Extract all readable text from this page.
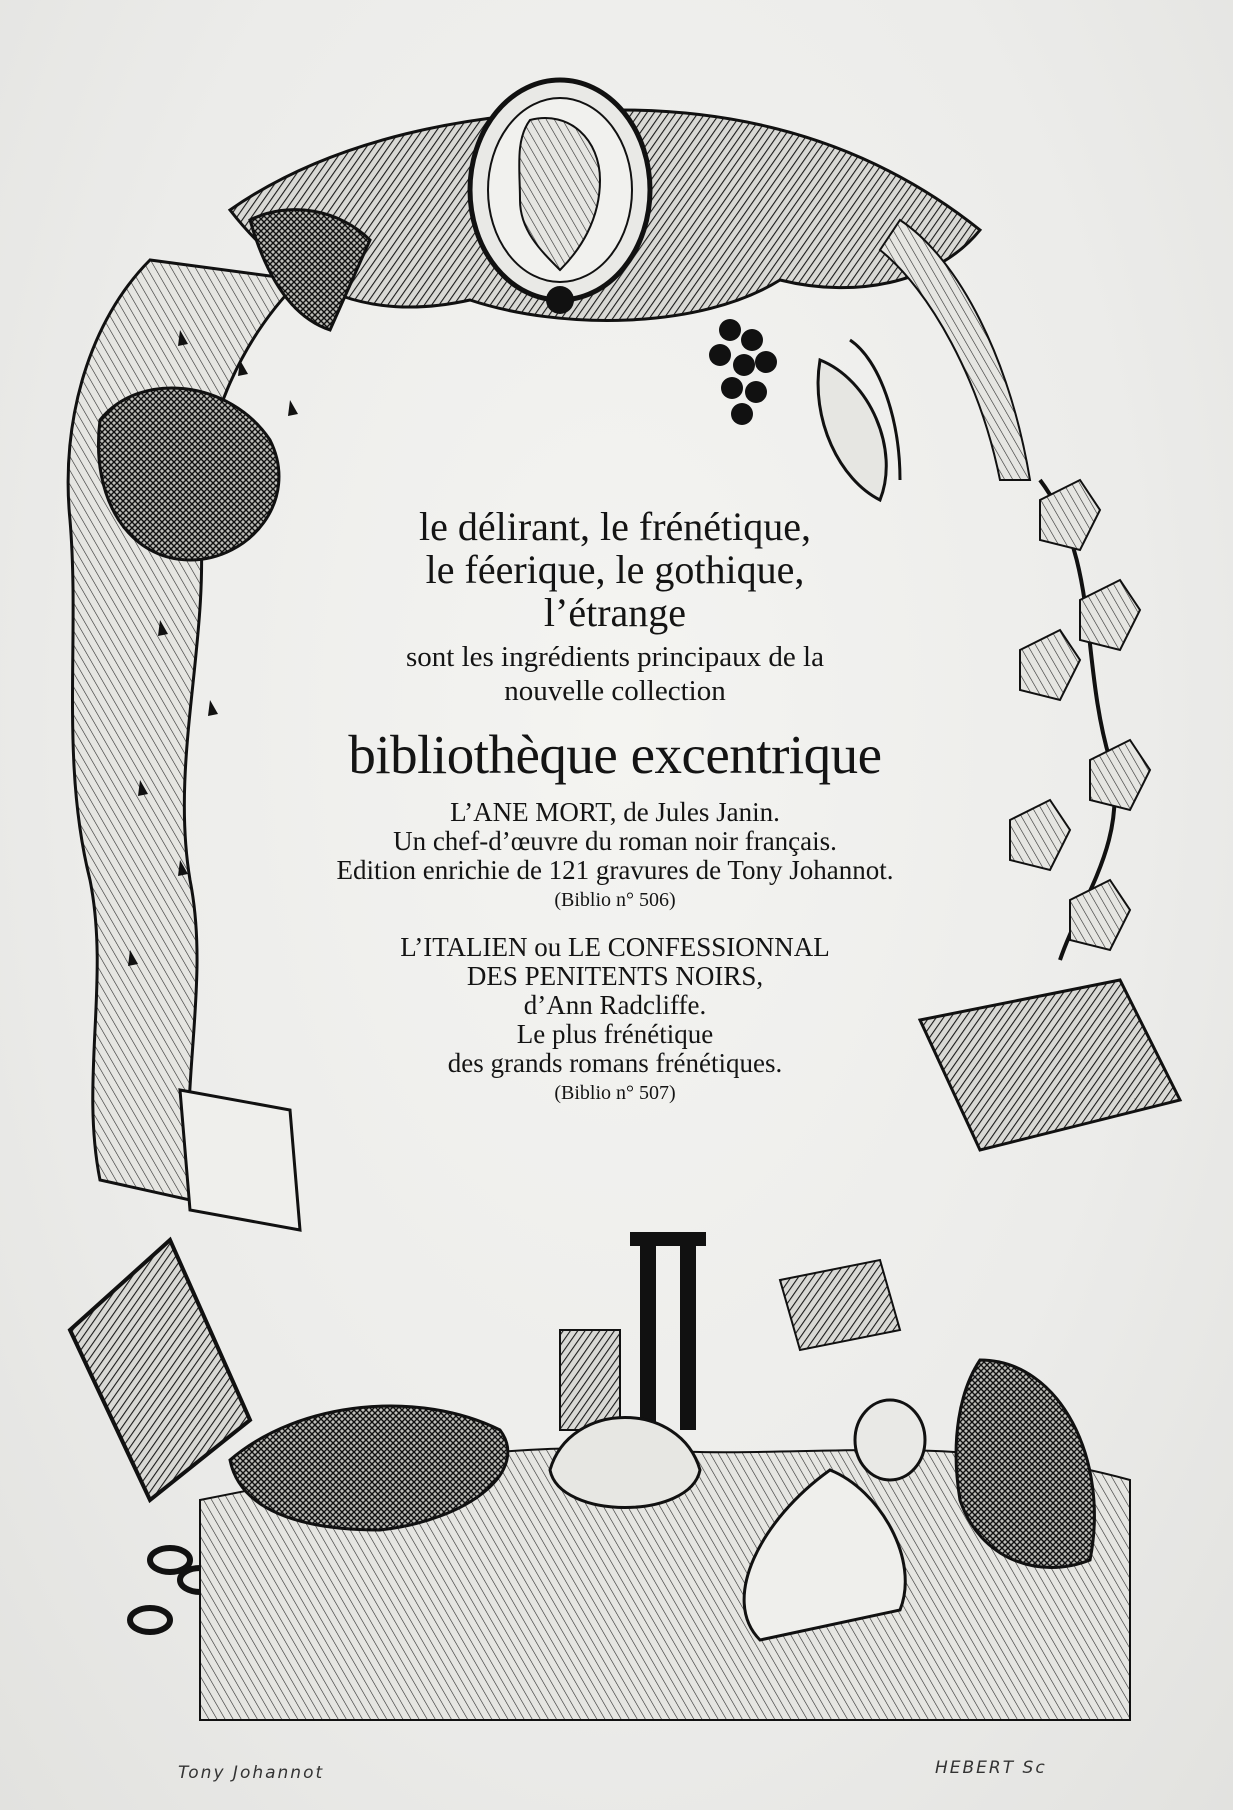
le délirant, le frénétique,

le féerique, le gothique,

l’étrange

sont les ingrédients principaux de la

nouvelle collection

bibliothèque excentrique

L’ANE MORT, de Jules Janin.

Un chef-d’œuvre du roman noir français.

Edition enrichie de 121 gravures de Tony Johannot.

(Biblio n° 506)

L’ITALIEN ou LE CONFESSIONNAL

DES PENITENTS NOIRS,

d’Ann Radcliffe.

Le plus frénétique

des grands romans frénétiques.

(Biblio n° 507)

Tony Johannot	HEBERT Sc
